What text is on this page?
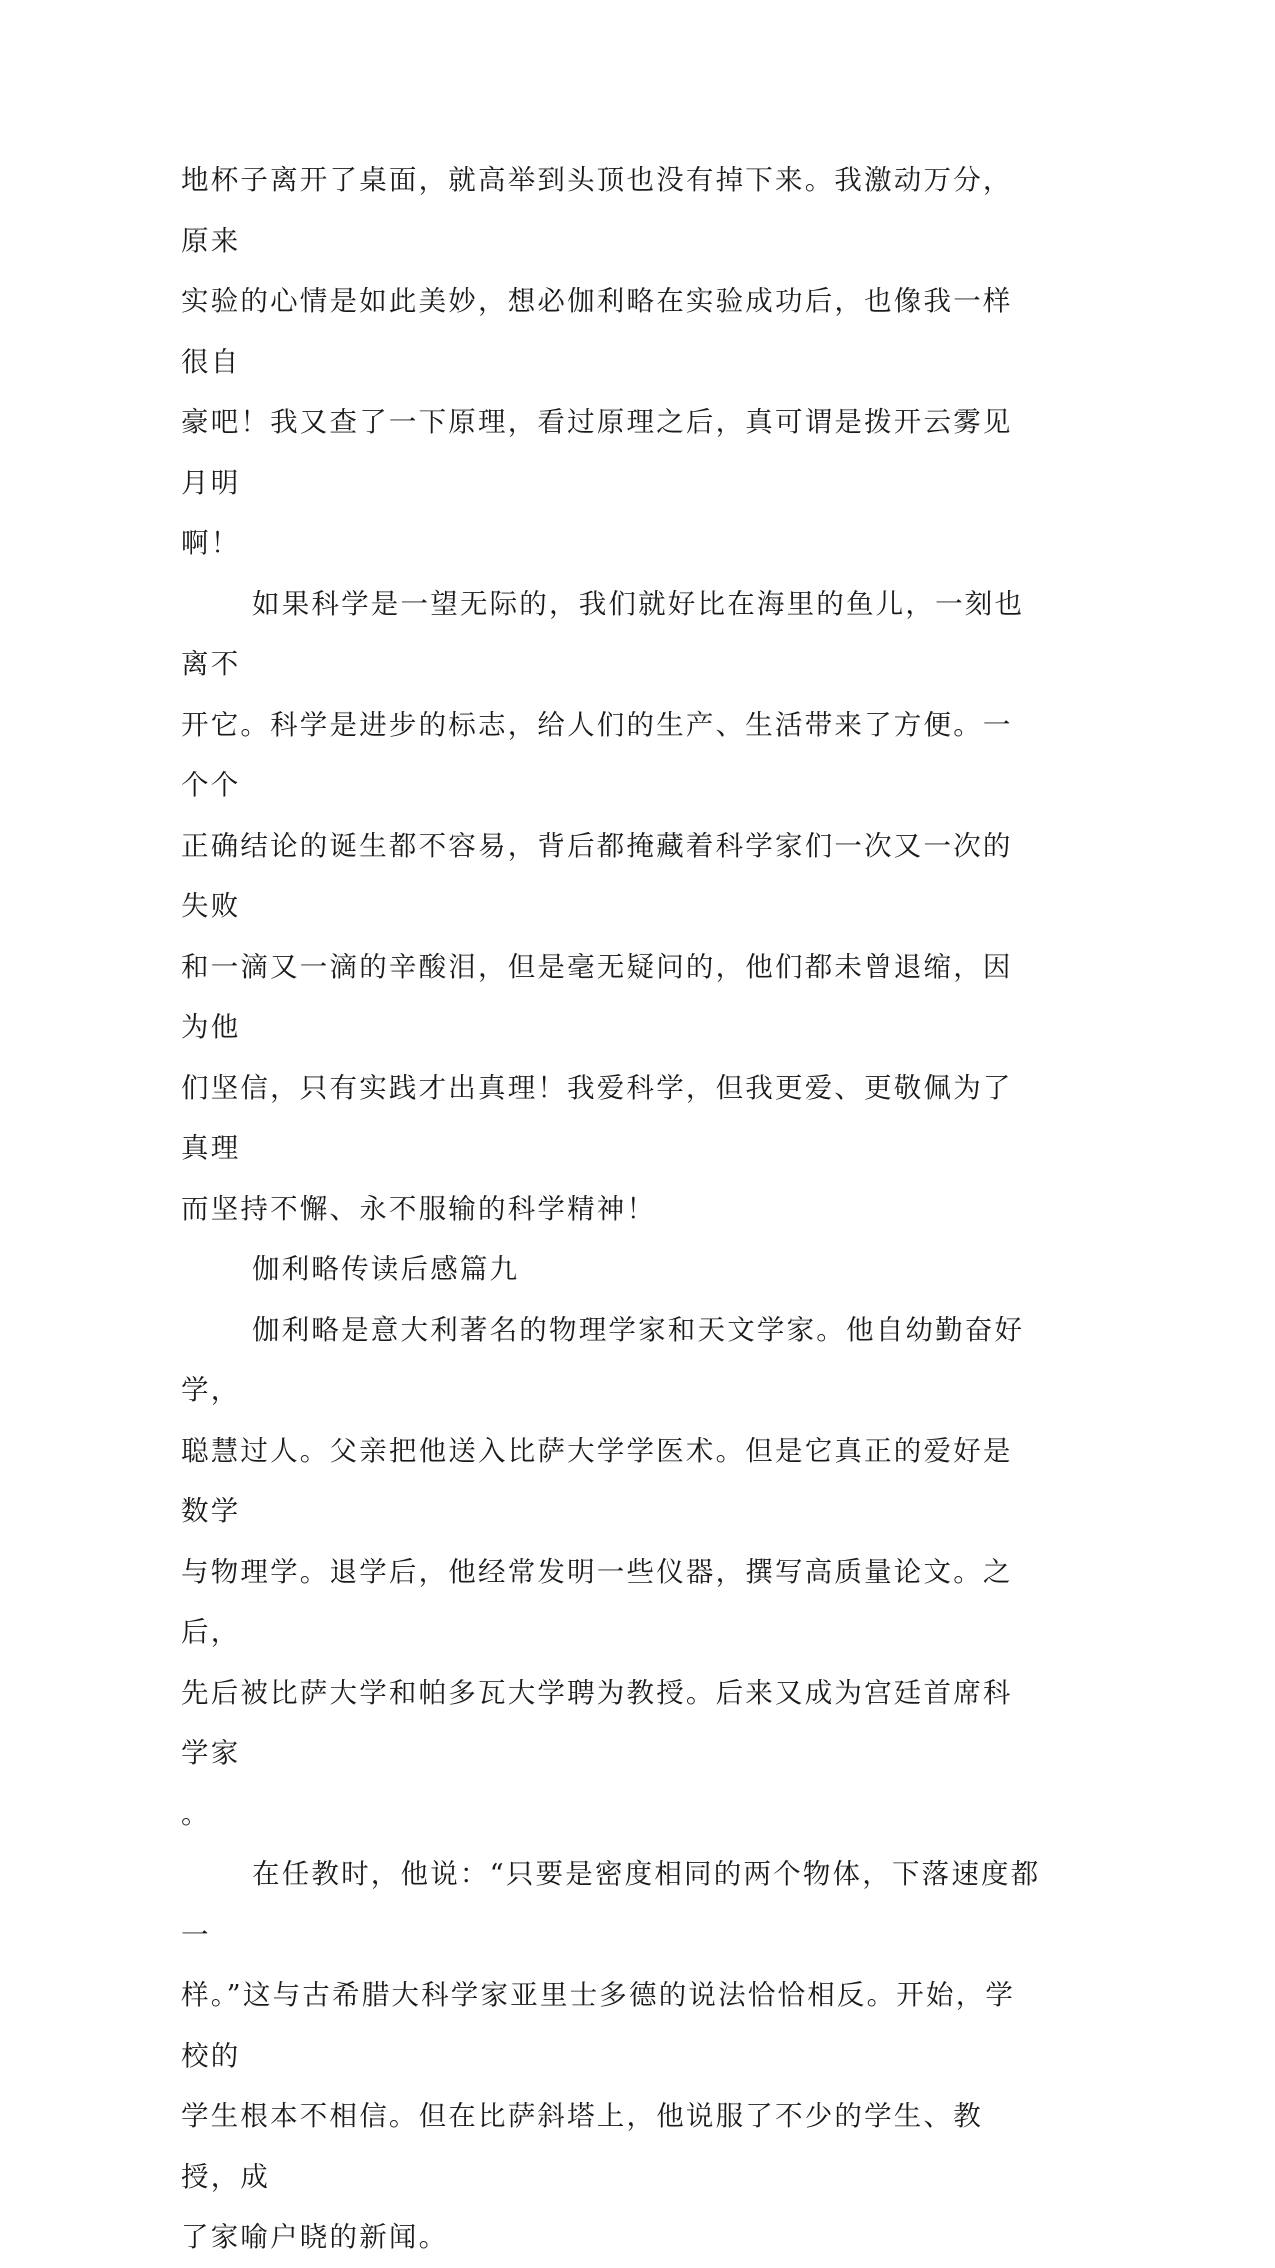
地杯子离开了桌面，就高举到头顶也没有掉下来。我激动万分，原来
实验的心情是如此美妙，想必伽利略在实验成功后，也像我一样很自
豪吧！我又查了一下原理，看过原理之后，真可谓是拨开云雾见月明
啊！
如果科学是一望无际的，我们就好比在海里的鱼儿，一刻也离不
开它。科学是进步的标志，给人们的生产、生活带来了方便。一个个
正确结论的诞生都不容易，背后都掩藏着科学家们一次又一次的失败
和一滴又一滴的辛酸泪，但是毫无疑问的，他们都未曾退缩，因为他
们坚信，只有实践才出真理！我爱科学，但我更爱、更敬佩为了真理
而坚持不懈、永不服输的科学精神！
伽利略传读后感篇九
伽利略是意大利著名的物理学家和天文学家。他自幼勤奋好学，
聪慧过人。父亲把他送入比萨大学学医术。但是它真正的爱好是数学
与物理学。退学后，他经常发明一些仪器，撰写高质量论文。之后，
先后被比萨大学和帕多瓦大学聘为教授。后来又成为宫廷首席科学家
。
在任教时，他说：“只要是密度相同的两个物体，下落速度都一
样。”这与古希腊大科学家亚里士多德的说法恰恰相反。开始，学校的
学生根本不相信。但在比萨斜塔上，他说服了不少的学生、教授，成
了家喻户晓的新闻。
